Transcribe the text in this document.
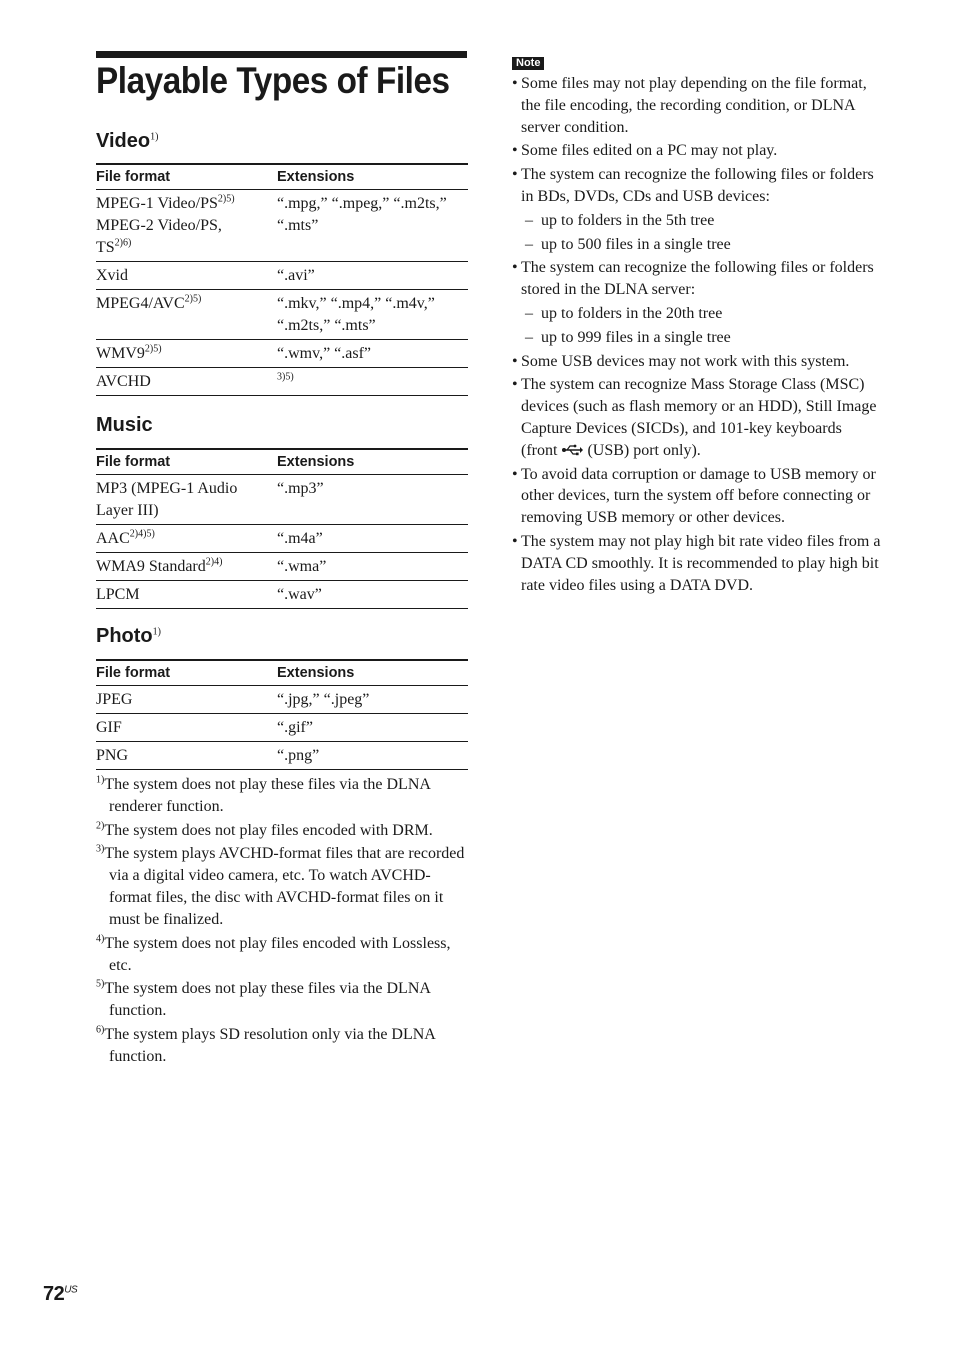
Playable Types of Files
Video$^{1)}$
File format	Extensions

MPEG-1 Video/$PS^{2)5)}$
MPEG-2 Video/PS,
$TS^{2)6)}$	“.mpg,” “.mpeg,” “.m2ts,”
“.mts”

Xvid	“.avi”

$MPEG4/AVC^{2)5)}$	“.mkv,” “.mp4,” “.m4v,”
“.m2ts,” “.mts”

$WMV9^{2)5)}$	“.wmv,” “.asf”

AVCHD	$^{3)5)}$
Music
File format	Extensions

MP3 (MPEG-1 Audio
Layer III)	“.mp3”

$AAC^{2)4)5)}$	“.m4a”

WMA9 Standard$^{2)4)}$	“.wma”

LPCM	“.wav”
Photo$^{1)}$
File format	Extensions

JPEG	“.jpg,” “.jpeg”

GIF	“.gif”

PNG	“.png”
$^{1)}$The system does not play these files via the DLNA renderer function.
$^{2)}$The system does not play files encoded with DRM.
$^{3)}$The system plays AVCHD-format files that are recorded via a digital video camera, etc. To watch AVCHD-format files, the disc with AVCHD-format files on it must be finalized.
$^{4)}$The system does not play files encoded with Lossless, etc.
$^{5)}$The system does not play these files via the DLNA function.
$^{6)}$The system plays SD resolution only via the DLNA function.
Note
• Some files may not play depending on the file format, the file encoding, the recording condition, or DLNA server condition.
• Some files edited on a PC may not play.
• The system can recognize the following files or folders in BDs, DVDs, CDs and USB devices:
– up to folders in the 5th tree
– up to 500 files in a single tree
• The system can recognize the following files or folders stored in the DLNA server:
– up to folders in the 20th tree
– up to 999 files in a single tree
• Some USB devices may not work with this system.
• The system can recognize Mass Storage Class (MSC) devices (such as flash memory or an HDD), Still Image Capture Devices (SICDs), and 101-key keyboards (front (USB) port only).
• To avoid data corruption or damage to USB memory or other devices, turn the system off before connecting or removing USB memory or other devices.
• The system may not play high bit rate video files from a DATA CD smoothly. It is recommended to play high bit rate video files using a DATA DVD.
$72^{US}$
